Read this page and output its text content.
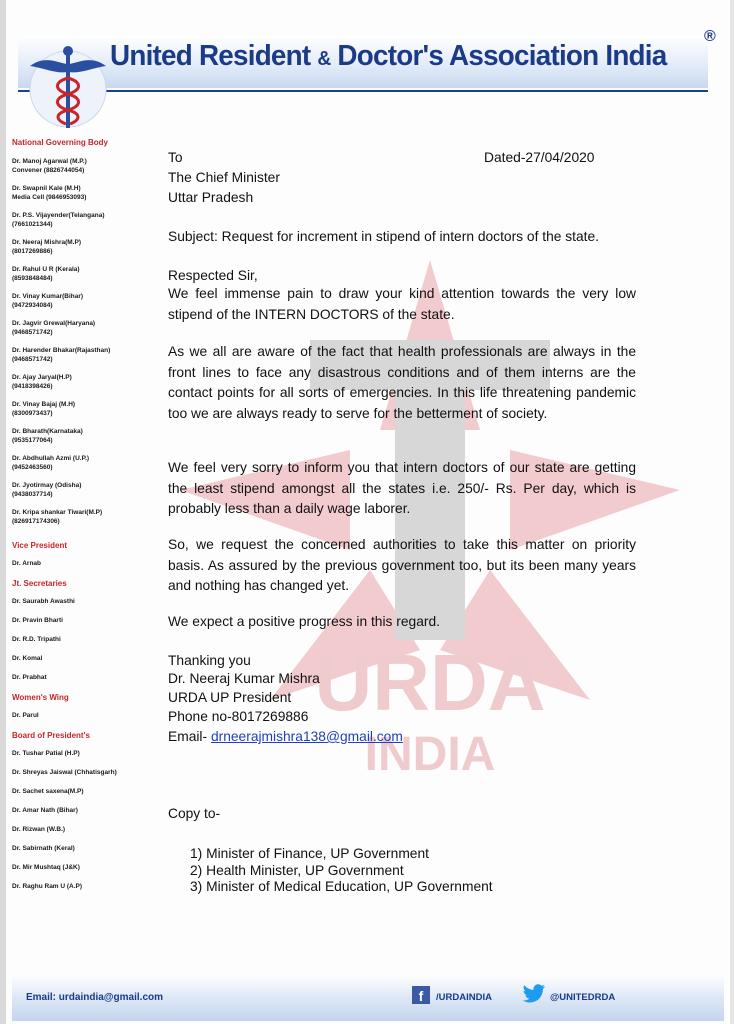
URDA
INDIA
United Resident & Doctor's Association India
®
National Governing Body
Dr. Manoj Agarwal (M.P.)
Convener (8826744054)
Dr. Swapnil Kale (M.H)
Media Cell (9846953093)
Dr. P.S. Vijayender(Telangana)
(7661021344)
Dr. Neeraj Mishra(M.P)
(8017269886)
Dr. Rahul U R (Kerala)
(8593848484)
Dr. Vinay Kumar(Bihar)
(9472934084)
Dr. Jagvir Grewal(Haryana)
(9468571742)
Dr. Harender Bhakar(Rajasthan)
(9468571742)
Dr. Ajay Jaryal(H.P)
(9418398426)
Dr. Vinay Bajaj (M.H)
(8300973437)
Dr. Bharath(Karnataka)
(9535177064)
Dr. Abdhullah Azmi (U.P.)
(9452463560)
Dr. Jyotirmay (Odisha)
(9438037714)
Dr. Kripa shankar Tiwari(M.P)
(826917174306)
Vice President
Dr. Arnab
Jt. Secretaries
Dr. Saurabh Awasthi
Dr. Pravin Bharti
Dr. R.D. Tripathi
Dr. Komal
Dr. Prabhat
Women's Wing
Dr. Parul
Board of President's
Dr. Tushar Patial (H.P)
Dr. Shreyas Jaiswal (Chhatisgarh)
Dr. Sachet saxena(M.P)
Dr. Amar Nath (Bihar)
Dr. Rizwan (W.B.)
Dr. Sabirnath (Keral)
Dr. Mir Mushtaq (J&K)
Dr. Raghu Ram U (A.P)
To	Dated-27/04/2020
The Chief Minister
Uttar Pradesh
Subject: Request for increment in stipend of intern doctors of the state.
Respected Sir,
We feel immense pain to draw your kind attention towards the very low stipend of the INTERN DOCTORS of the state.
As we all are aware of the fact that health professionals are always in the front lines to face any disastrous conditions and of them interns are the contact points for all sorts of emergencies. In this life threatening pandemic too we are always ready to serve for the betterment of society.
We feel very sorry to inform you that intern doctors of our state are getting the least stipend amongst all the states i.e. 250/- Rs. Per day, which is probably less than a daily wage laborer.
So, we request the concerned authorities to take this matter on priority basis. As assured by the previous government too, but its been many years and nothing has changed yet.
We expect a positive progress in this regard.
Thanking you
Dr. Neeraj Kumar Mishra
URDA UP President
Phone no-8017269886
Email- drneerajmishra138@gmail.com
Copy to-
1) Minister of Finance, UP Government
2) Health Minister, UP Government
3) Minister of Medical Education, UP Government
Email: urdaindia@gmail.com	f	/URDAINDIA	@UNITEDRDA
